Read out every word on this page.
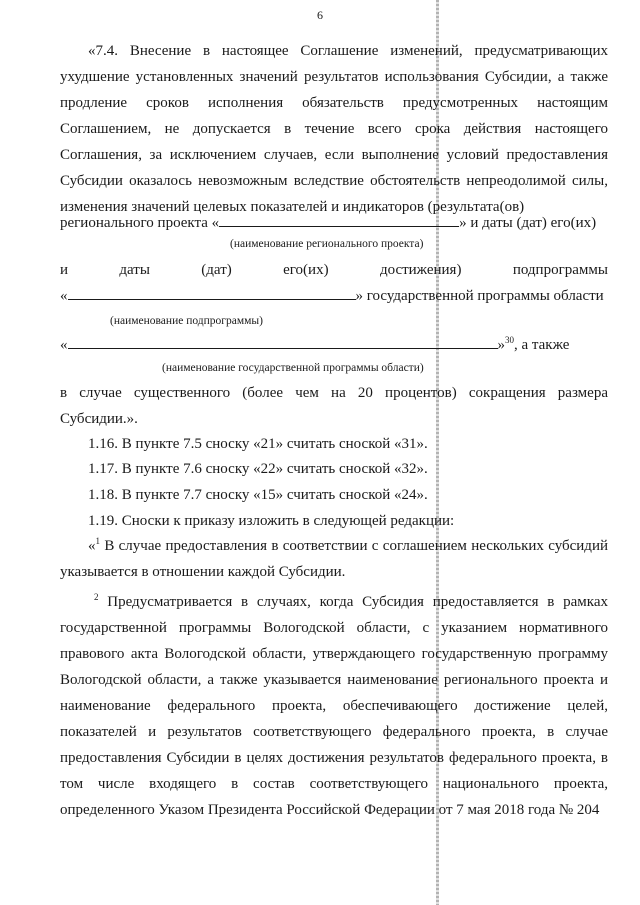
6

«7.4. Внесение в настоящее Соглашение изменений, предусматривающих ухудшение установленных значений результатов использования Субсидии, а также продление сроков исполнения обязательств предусмотренных настоящим Соглашением, не допускается в течение всего срока действия настоящего Соглашения, за исключением случаев, если выполнение условий предоставления Субсидии оказалось невозможным вследствие обстоятельств непреодолимой силы, изменения значений целевых показателей и индикаторов (результата(ов)

регионального проекта «	» и даты (дат) его(их)
(наименование регионального проекта)
и	даты	(дат)	его(их)	достижения)	подпрограммы
«	» государственной программы области
(наименование подпрограммы)
«	»$^{30}$, а также
(наименование государственной программы области)

в случае существенного (более чем на 20 процентов) сокращения размера Субсидии.».

1.16. В пункте 7.5 сноску «21» считать сноской «31».
1.17. В пункте 7.6 сноску «22» считать сноской «32».
1.18. В пункте 7.7 сноску «15» считать сноской «24».
1.19. Сноски к приказу изложить в следующей редакции:

«$^1$ В случае предоставления в соответствии с соглашением нескольких субсидий указывается в отношении каждой Субсидии.

$^2$ Предусматривается в случаях, когда Субсидия предоставляется в рамках государственной программы Вологодской области, с указанием нормативного правового акта Вологодской области, утверждающего государственную программу Вологодской области, а также указывается наименование регионального проекта и наименование федерального проекта, обеспечивающего достижение целей, показателей и результатов соответствующего федерального проекта, в случае предоставления Субсидии в целях достижения результатов федерального проекта, в том числе входящего в состав соответствующего национального проекта, определенного Указом Президента Российской Федерации от 7 мая 2018 года № 204
